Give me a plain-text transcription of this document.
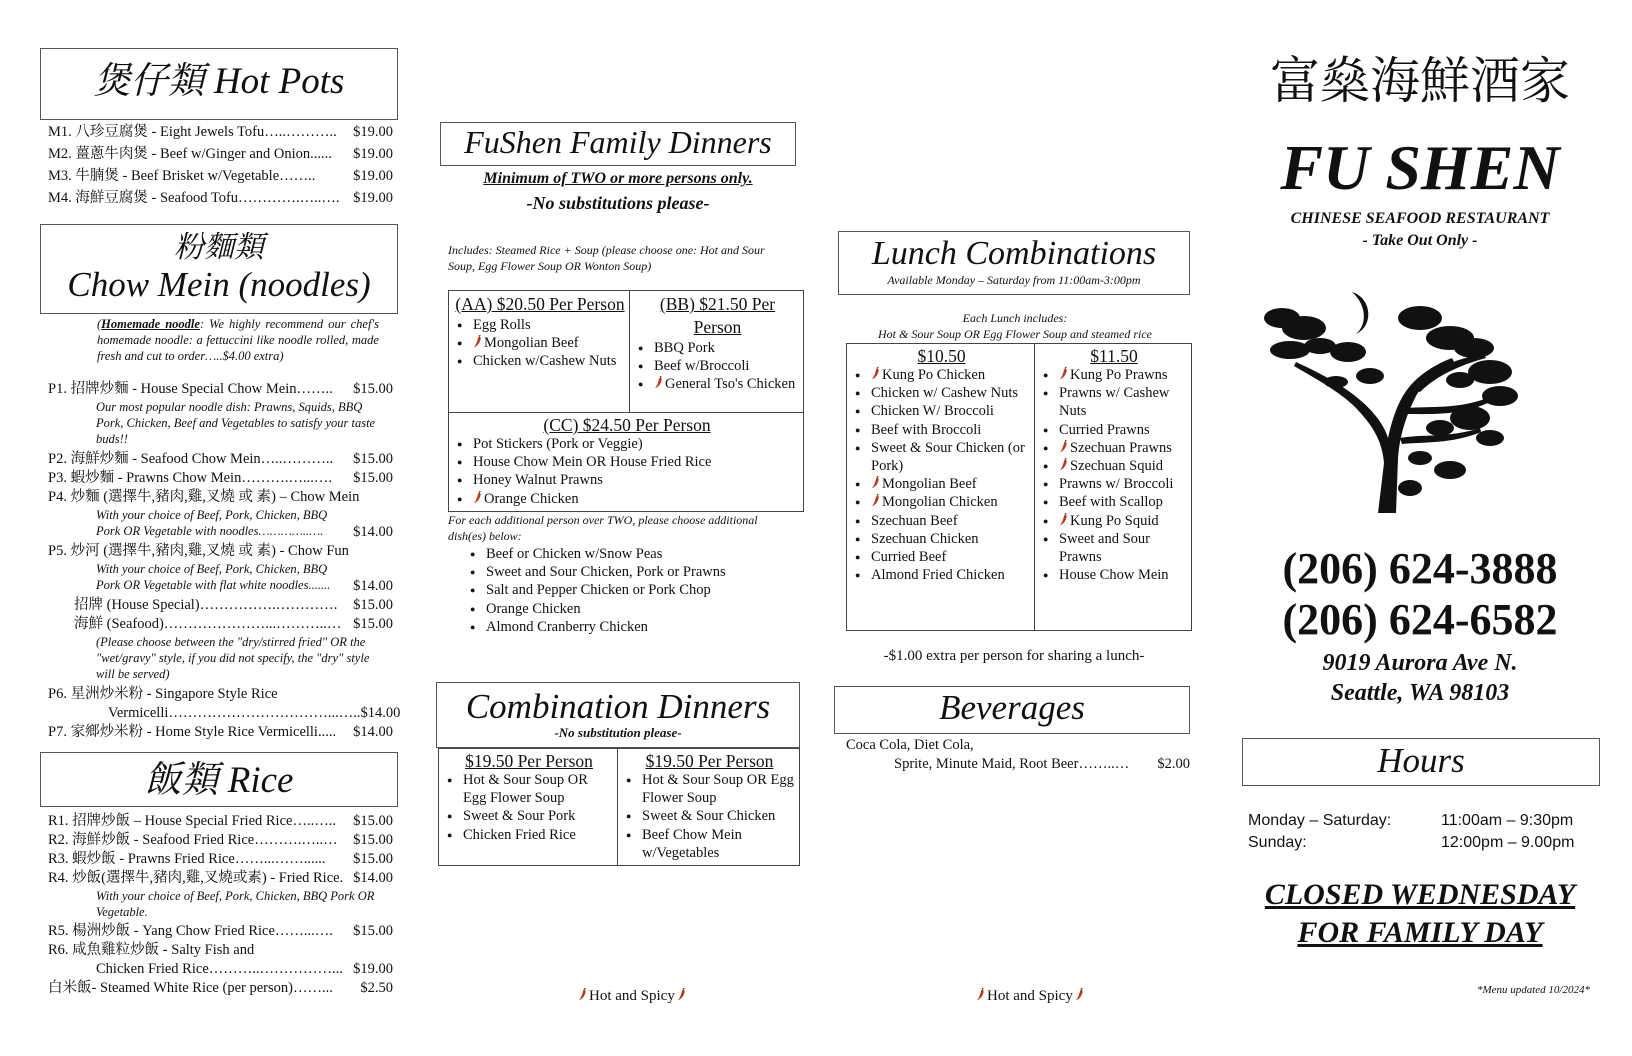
煲仔類 Hot Pots
M1. 八珍豆腐煲 - Eight Jewels Tofu…..……….. $19.00
M2. 薑蔥牛肉煲 - Beef w/Ginger and Onion...... $19.00
M3. 牛腩煲 - Beef Brisket w/Vegetable……..	$19.00
M4. 海鮮豆腐煲 - Seafood Tofu………….…..…. $19.00
粉麵類
Chow Mein (noodles)
(Homemade noodle: We highly recommend our chef's homemade noodle: a fettuccini like noodle rolled, made fresh and cut to order…..$4.00 extra)
P1. 招牌炒麵 - House Special Chow Mein…….. $15.00
Our most popular noodle dish: Prawns, Squids, BBQ Pork, Chicken, Beef and Vegetables to satisfy your taste buds!!
P2. 海鮮炒麵 - Seafood Chow Mein…..……….. $15.00
P3. 蝦炒麵 - Prawns Chow Mein……….…...…. $15.00
P4. 炒麵 (選擇牛,豬肉,雞,叉燒 或 素) – Chow Mein
With your choice of Beef, Pork, Chicken, BBQ
Pork OR Vegetable with noodles…………..…. $14.00
P5. 炒河 (選擇牛,豬肉,雞,叉燒 或 素) - Chow Fun
With your choice of Beef, Pork, Chicken, BBQ
Pork OR Vegetable with flat white noodles....... $14.00
招牌 (House Special)…………….…………. $15.00
海鮮 (Seafood)…………………...………..… $15.00
(Please choose between the "dry/stirred fried" OR the "wet/gravy" style, if you did not specify, the "dry" style will be served)
P6. 星洲炒米粉 - Singapore Style Rice
Vermicelli……………………………...….. $14.00
P7. 家鄉炒米粉 - Home Style Rice Vermicelli..... $14.00
飯類 Rice
R1. 招牌炒飯 – House Special Fried Rice…..….. $15.00
R2. 海鮮炒飯 - Seafood Fried Rice……….…..… $15.00
R3. 蝦炒飯 - Prawns Fried Rice……...……...... $15.00
R4. 炒飯(選擇牛,豬肉,雞,叉燒或素) - Fried Rice. $14.00
With your choice of Beef, Pork, Chicken, BBQ Pork OR Vegetable.
R5. 楊洲炒飯 - Yang Chow Fried Rice……...…. $15.00
R6. 咸魚雞粒炒飯 - Salty Fish and
Chicken Fried Rice………..……………... $19.00
白米飯- Steamed White Rice (per person)……... $2.50
FuShen Family Dinners
Minimum of TWO or more persons only.
-No substitutions please-
Includes: Steamed Rice + Soup (please choose one: Hot and Sour Soup, Egg Flower Soup OR Wonton Soup)
(AA) $20.50 Per Person
● Egg Rolls
● Mongolian Beef
● Chicken w/Cashew Nuts
(BB) $21.50 Per Person
● BBQ Pork
● Beef w/Broccoli
● General Tso's Chicken
(CC) $24.50 Per Person
● Pot Stickers (Pork or Veggie)
● House Chow Mein OR House Fried Rice
● Honey Walnut Prawns
● Orange Chicken
For each additional person over TWO, please choose additional dish(es) below:
● Beef or Chicken w/Snow Peas
● Sweet and Sour Chicken, Pork or Prawns
● Salt and Pepper Chicken or Pork Chop
● Orange Chicken
● Almond Cranberry Chicken
Combination Dinners
-No substitution please-
$19.50 Per Person
● Hot & Sour Soup OR Egg Flower Soup
● Sweet & Sour Pork
● Chicken Fried Rice
$19.50 Per Person
● Hot & Sour Soup OR Egg Flower Soup
● Sweet & Sour Chicken
● Beef Chow Mein w/Vegetables
Hot and Spicy
Lunch Combinations
Available Monday – Saturday from 11:00am-3:00pm
Each Lunch includes:
Hot & Sour Soup OR Egg Flower Soup and steamed rice
$10.50
● Kung Po Chicken
● Chicken w/ Cashew Nuts
● Chicken W/ Broccoli
● Beef with Broccoli
● Sweet & Sour Chicken (or Pork)
● Mongolian Beef
● Mongolian Chicken
● Szechuan Beef
● Szechuan Chicken
● Curried Beef
● Almond Fried Chicken
$11.50
● Kung Po Prawns
● Prawns w/ Cashew Nuts
● Curried Prawns
● Szechuan Prawns
● Szechuan Squid
● Prawns w/ Broccoli
● Beef with Scallop
● Kung Po Squid
● Sweet and Sour Prawns
● House Chow Mein
-$1.00 extra per person for sharing a lunch-
Beverages
Coca Cola, Diet Cola,
Sprite, Minute Maid, Root Beer……..… $2.00
Hot and Spicy
富燊海鮮酒家
FU SHEN
CHINESE SEAFOOD RESTAURANT
- Take Out Only -
(206) 624-3888
(206) 624-6582
9019 Aurora Ave N.
Seattle, WA 98103
Hours
Monday – Saturday:	11:00am – 9:30pm
Sunday:	12:00pm – 9.00pm
CLOSED WEDNESDAY
FOR FAMILY DAY
*Menu updated 10/2024*
